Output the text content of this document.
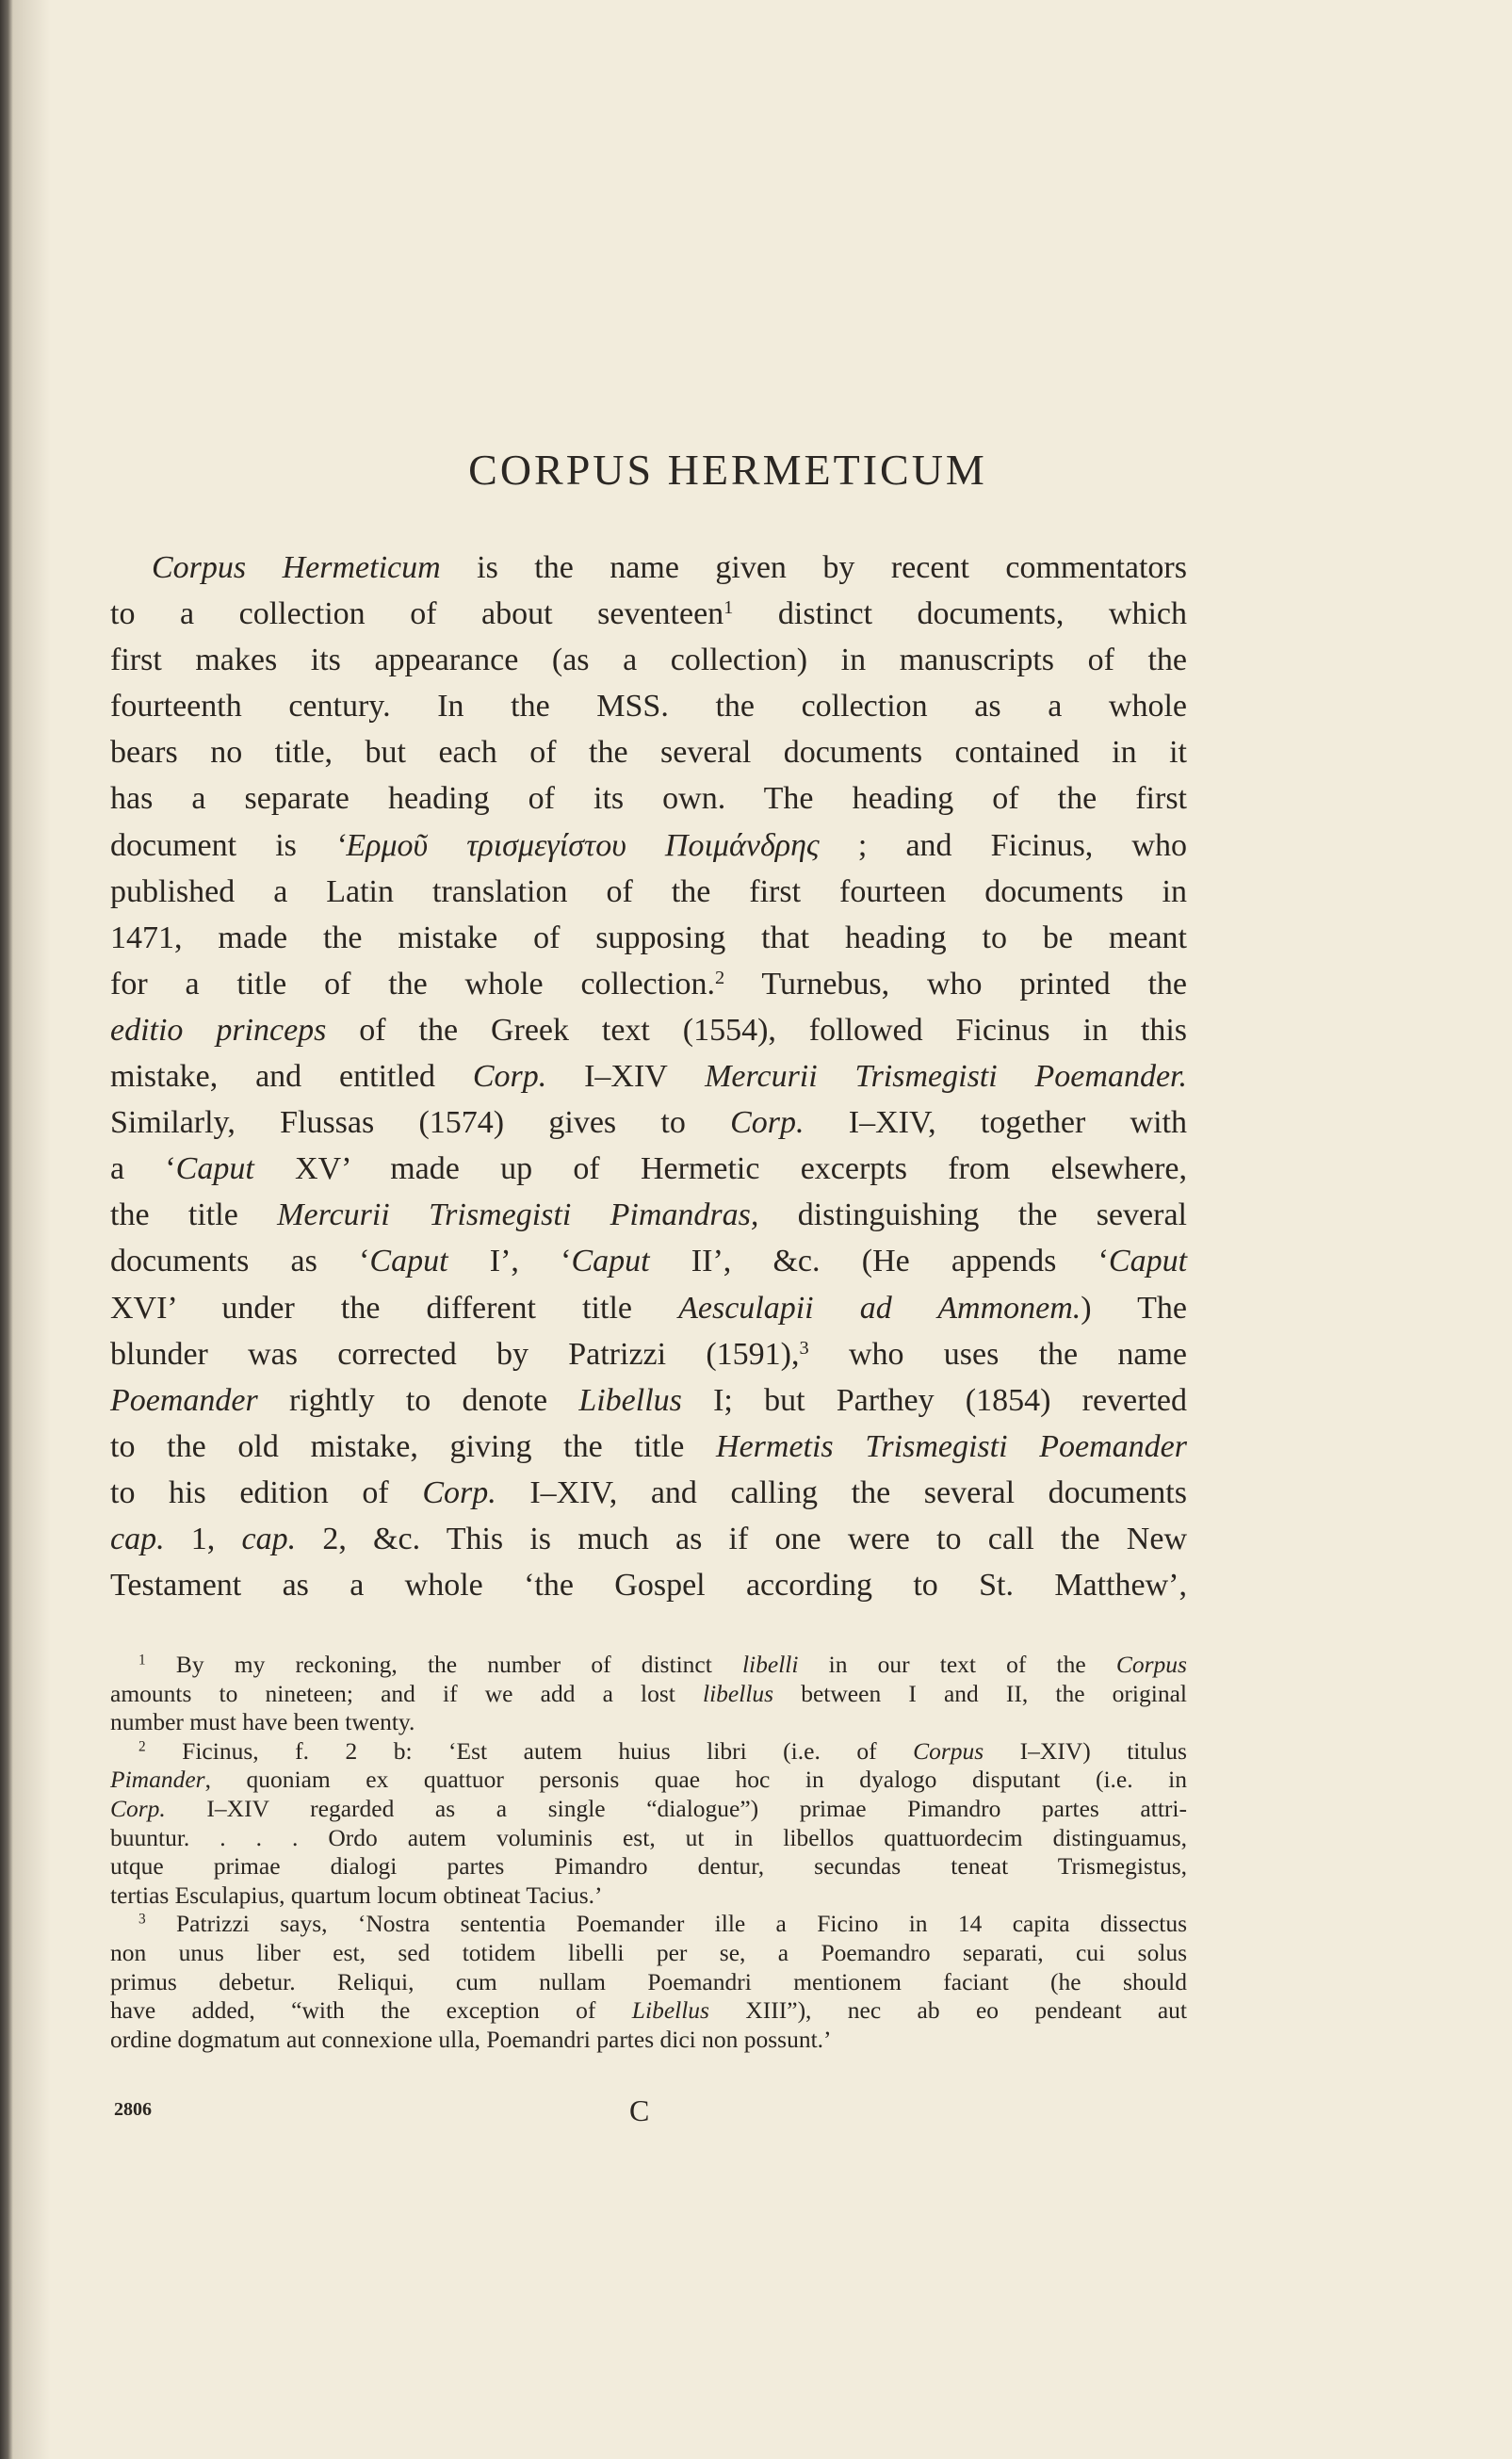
CORPUS HERMETICUM
Corpus Hermeticum is the name given by recent commentators
to a collection of about seventeen$^1$ distinct documents, which
first makes its appearance (as a collection) in manuscripts of the
fourteenth century. In the MSS. the collection as a whole
bears no title, but each of the several documents contained in it
has a separate heading of its own. The heading of the first
document is ‘Ερμοῦ τρισμεγίστου Ποιμάνδρης ; and Ficinus, who
published a Latin translation of the first fourteen documents in
1471, made the mistake of supposing that heading to be meant
for a title of the whole collection.$^2$ Turnebus, who printed the
editio princeps of the Greek text (1554), followed Ficinus in this
mistake, and entitled Corp. I–XIV Mercurii Trismegisti Poemander.
Similarly, Flussas (1574) gives to Corp. I–XIV, together with
a ‘Caput XV’ made up of Hermetic excerpts from elsewhere,
the title Mercurii Trismegisti Pimandras, distinguishing the several
documents as ‘Caput I’, ‘Caput II’, &c. (He appends ‘Caput
XVI’ under the different title Aesculapii ad Ammonem.) The
blunder was corrected by Patrizzi (1591),$^3$ who uses the name
Poemander rightly to denote Libellus I; but Parthey (1854) reverted
to the old mistake, giving the title Hermetis Trismegisti Poemander
to his edition of Corp. I–XIV, and calling the several documents
cap. 1, cap. 2, &c. This is much as if one were to call the New
Testament as a whole ‘the Gospel according to St. Matthew’,
$^1$ By my reckoning, the number of distinct libelli in our text of the Corpus
amounts to nineteen; and if we add a lost libellus between I and II, the original
number must have been twenty.
$^2$ Ficinus, f. 2 b: ‘Est autem huius libri (i.e. of Corpus I–XIV) titulus
Pimander, quoniam ex quattuor personis quae hoc in dyalogo disputant (i.e. in
Corp. I–XIV regarded as a single “dialogue”) primae Pimandro partes attri-
buuntur. . . . Ordo autem voluminis est, ut in libellos quattuordecim distinguamus,
utque primae dialogi partes Pimandro dentur, secundas teneat Trismegistus,
tertias Esculapius, quartum locum obtineat Tacius.’
$^3$ Patrizzi says, ‘Nostra sententia Poemander ille a Ficino in 14 capita dissectus
non unus liber est, sed totidem libelli per se, a Poemandro separati, cui solus
primus debetur. Reliqui, cum nullam Poemandri mentionem faciant (he should
have added, “with the exception of Libellus XIII”), nec ab eo pendeant aut
ordine dogmatum aut connexione ulla, Poemandri partes dici non possunt.’
2806	C
